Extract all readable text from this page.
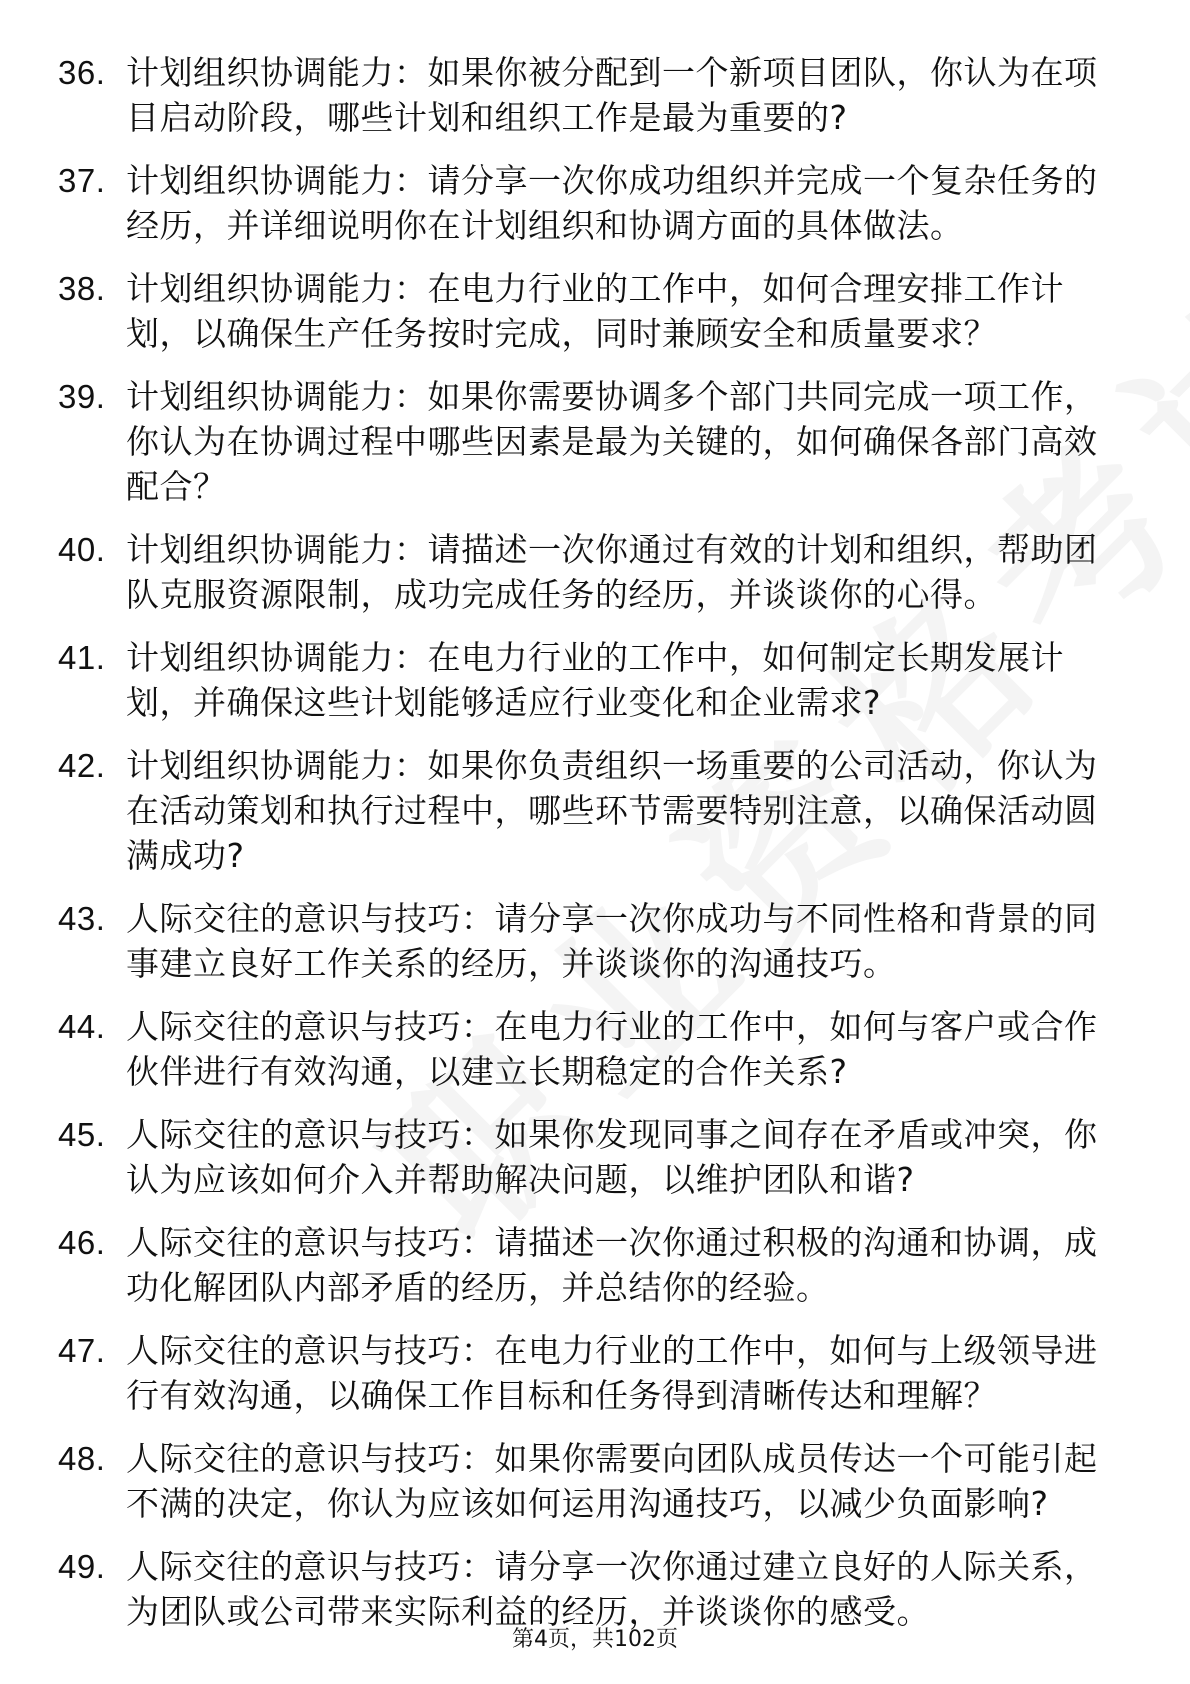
36. 计划组织协调能力：如果你被分配到一个新项目团队，你认为在项目启动阶段，哪些计划和组织工作是最为重要的?
37. 计划组织协调能力：请分享一次你成功组织并完成一个复杂任务的经历，并详细说明你在计划组织和协调方面的具体做法。
38. 计划组织协调能力：在电力行业的工作中，如何合理安排工作计划，以确保生产任务按时完成，同时兼顾安全和质量要求？
39. 计划组织协调能力：如果你需要协调多个部门共同完成一项工作，你认为在协调过程中哪些因素是最为关键的，如何确保各部门高效配合？
40. 计划组织协调能力：请描述一次你通过有效的计划和组织，帮助团队克服资源限制，成功完成任务的经历，并谈谈你的心得。
41. 计划组织协调能力：在电力行业的工作中，如何制定长期发展计划，并确保这些计划能够适应行业变化和企业需求?
42. 计划组织协调能力：如果你负责组织一场重要的公司活动，你认为在活动策划和执行过程中，哪些环节需要特别注意，以确保活动圆满成功?
43. 人际交往的意识与技巧：请分享一次你成功与不同性格和背景的同事建立良好工作关系的经历，并谈谈你的沟通技巧。
44. 人际交往的意识与技巧：在电力行业的工作中，如何与客户或合作伙伴进行有效沟通，以建立长期稳定的合作关系?
45. 人际交往的意识与技巧：如果你发现同事之间存在矛盾或冲突，你认为应该如何介入并帮助解决问题，以维护团队和谐?
46. 人际交往的意识与技巧：请描述一次你通过积极的沟通和协调，成功化解团队内部矛盾的经历，并总结你的经验。
47. 人际交往的意识与技巧：在电力行业的工作中，如何与上级领导进行有效沟通，以确保工作目标和任务得到清晰传达和理解？
48. 人际交往的意识与技巧：如果你需要向团队成员传达一个可能引起不满的决定，你认为应该如何运用沟通技巧，以减少负面影响?
49. 人际交往的意识与技巧：请分享一次你通过建立良好的人际关系，为团队或公司带来实际利益的经历，并谈谈你的感受。
第4页，共102页
